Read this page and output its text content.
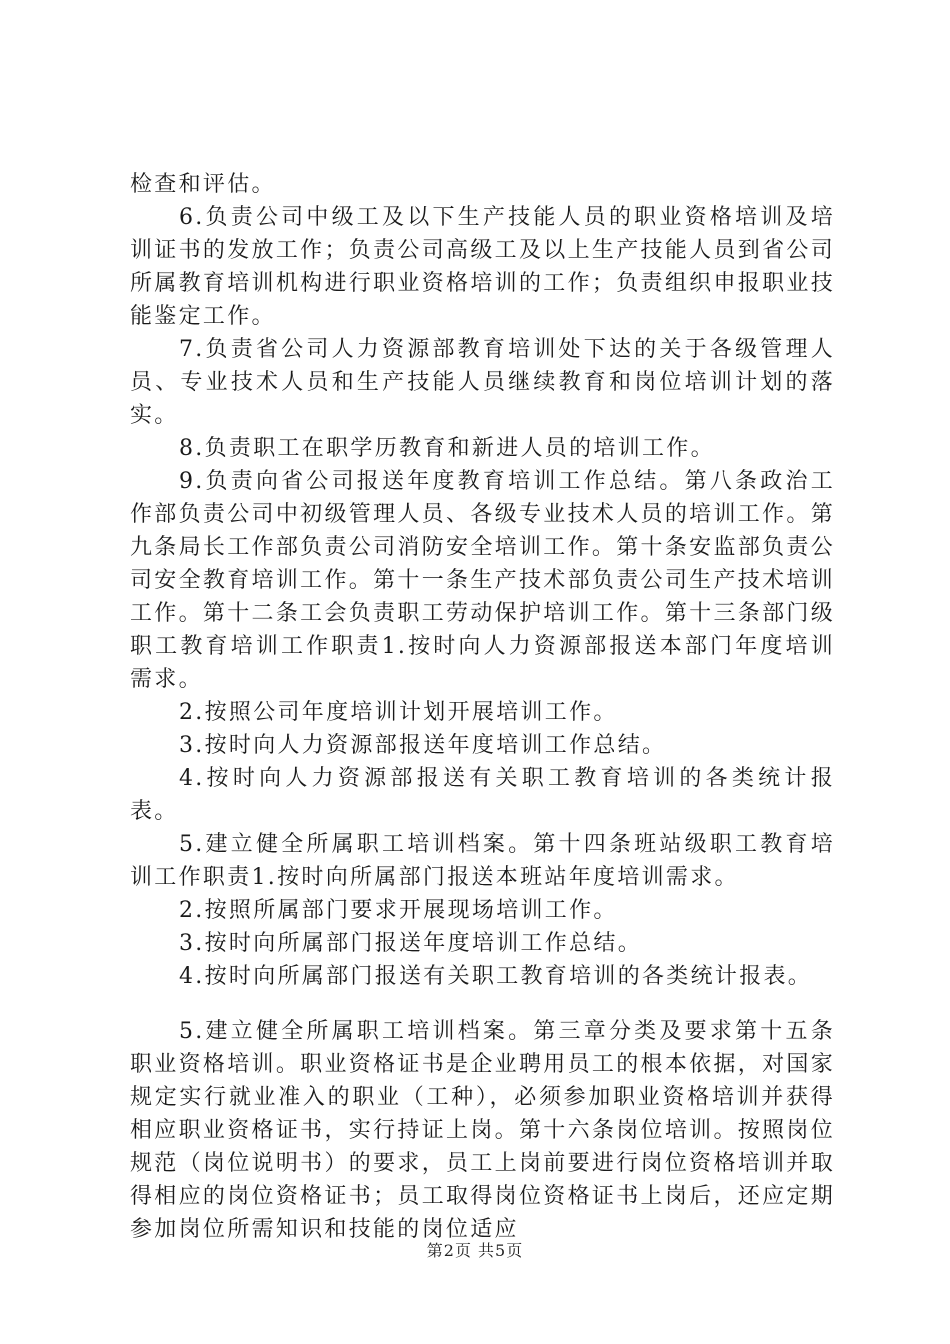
检查和评估。

6.负责公司中级工及以下生产技能人员的职业资格培训及培训证书的发放工作；负责公司高级工及以上生产技能人员到省公司所属教育培训机构进行职业资格培训的工作；负责组织申报职业技能鉴定工作。

7.负责省公司人力资源部教育培训处下达的关于各级管理人员、专业技术人员和生产技能人员继续教育和岗位培训计划的落实。

8.负责职工在职学历教育和新进人员的培训工作。

9.负责向省公司报送年度教育培训工作总结。第八条政治工作部负责公司中初级管理人员、各级专业技术人员的培训工作。第九条局长工作部负责公司消防安全培训工作。第十条安监部负责公司安全教育培训工作。第十一条生产技术部负责公司生产技术培训工作。第十二条工会负责职工劳动保护培训工作。第十三条部门级职工教育培训工作职责1.按时向人力资源部报送本部门年度培训需求。

2.按照公司年度培训计划开展培训工作。

3.按时向人力资源部报送年度培训工作总结。

4.按时向人力资源部报送有关职工教育培训的各类统计报表。

5.建立健全所属职工培训档案。第十四条班站级职工教育培训工作职责1.按时向所属部门报送本班站年度培训需求。

2.按照所属部门要求开展现场培训工作。

3.按时向所属部门报送年度培训工作总结。

4.按时向所属部门报送有关职工教育培训的各类统计报表。

5.建立健全所属职工培训档案。第三章分类及要求第十五条职业资格培训。职业资格证书是企业聘用员工的根本依据，对国家规定实行就业准入的职业（工种），必须参加职业资格培训并获得相应职业资格证书，实行持证上岗。第十六条岗位培训。按照岗位规范（岗位说明书）的要求，员工上岗前要进行岗位资格培训并取得相应的岗位资格证书；员工取得岗位资格证书上岗后，还应定期参加岗位所需知识和技能的岗位适应

第2页 共5页
